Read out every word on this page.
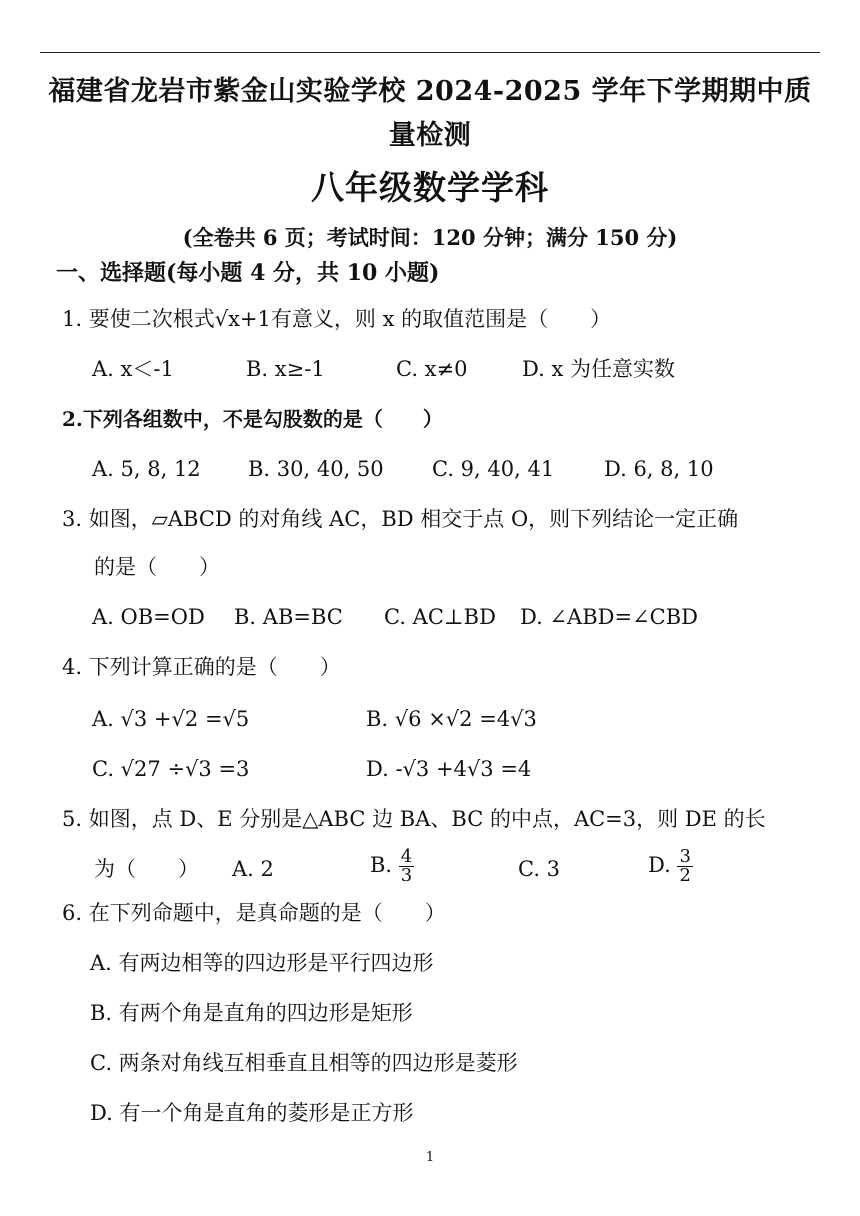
福建省龙岩市紫金山实验学校 2024-2025 学年下学期期中质量检测
八年级数学学科
(全卷共 6 页；考试时间：120 分钟；满分 150 分)
一、选择题(每小题 4 分，共 10 小题)
1. 要使二次根式√x+1有意义，则 x 的取值范围是（　　）
A. x＜-1	B. x≥-1	C. x≠0	D. x 为任意实数
2.下列各组数中，不是勾股数的是（　　）
A. 5, 8, 12 B. 30, 40, 50 C. 9, 40, 41 D. 6, 8, 10
3. 如图，▱ABCD 的对角线 AC，BD 相交于点 O，则下列结论一定正确
的是（　　）
A. OB=OD B. AB=BC C. AC⊥BD D. ∠ABD=∠CBD
4. 下列计算正确的是（　　）
A. √3 +√2 =√5	B. √6 ×√2 =4√3
C. √27 ÷√3 =3	D. -√3 +4√3 =4
5. 如图，点 D、E 分别是△ABC 边 BA、BC 的中点，AC=3，则 DE 的长
为（　　） A. 2	B. $\frac{4}{3}$	C. 3	D. $\frac{3}{2}$
6. 在下列命题中，是真命题的是（　　）
A. 有两边相等的四边形是平行四边形
B. 有两个角是直角的四边形是矩形
C. 两条对角线互相垂直且相等的四边形是菱形
D. 有一个角是直角的菱形是正方形
1
